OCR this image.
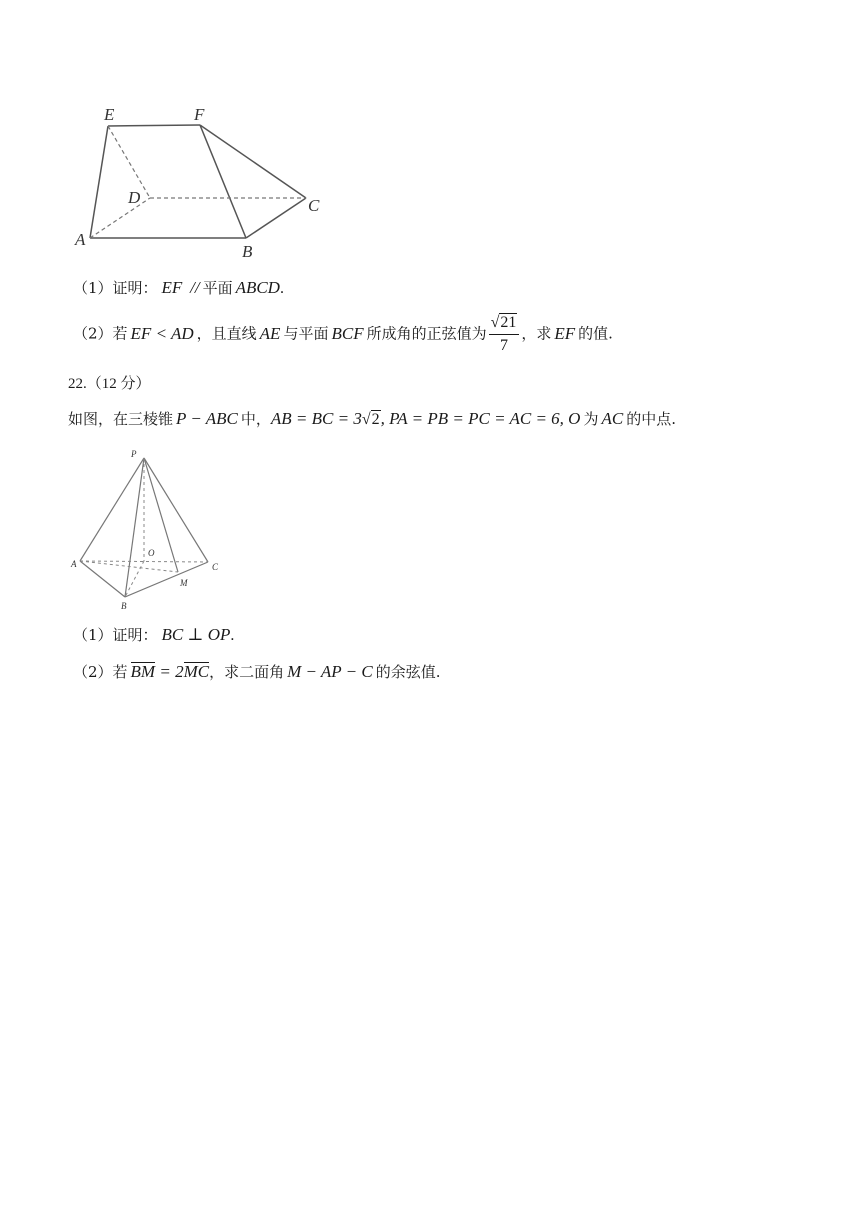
E	F
D	C
A
B
（1）证明： EF // 平面 ABCD.
（2）若 EF < AD ，且直线 AE 与平面 BCF 所成角的正弦值为 $\frac{√21}{7}$ ，求 EF 的值.
22.（12 分）
如图，在三棱锥 P − ABC 中，AB = BC = 3√2, PA = PB = PC = AC = 6, O 为 AC 的中点.
P
O
A	C
M
B
（1）证明： BC ⊥ OP.
（2）若 BM = 2MC，求二面角 M − AP − C 的余弦值.
